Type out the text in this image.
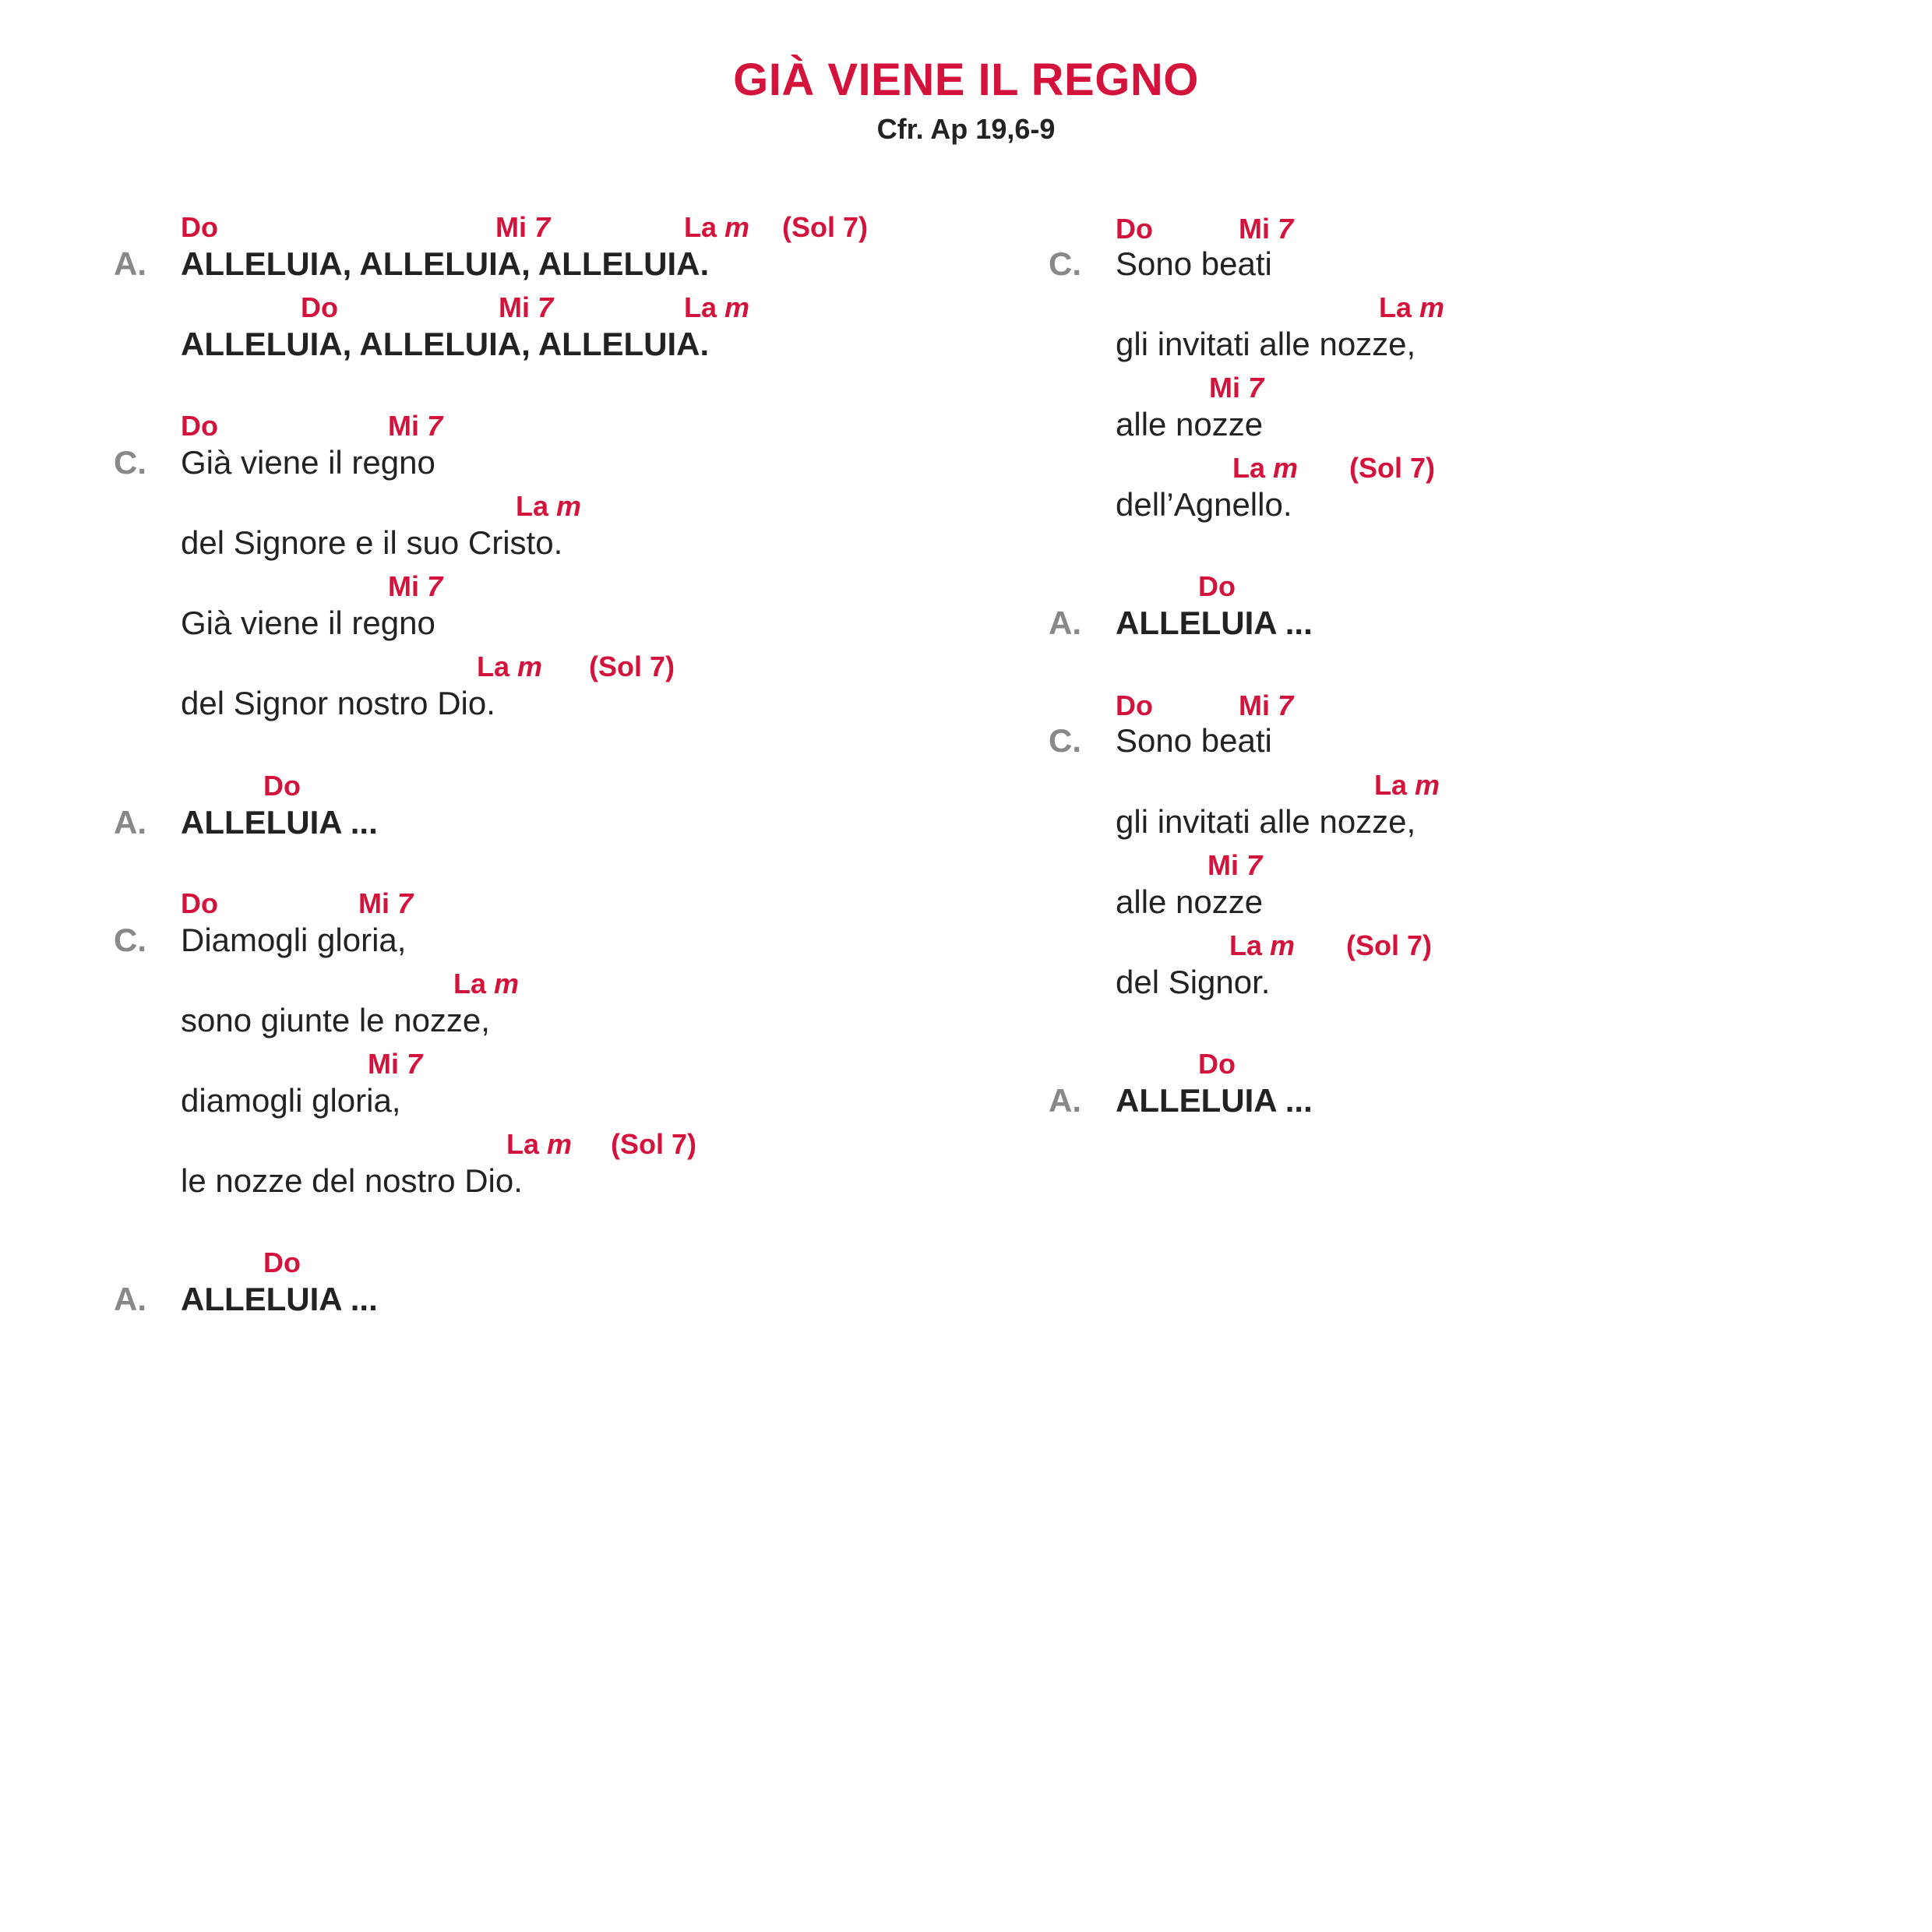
GIÀ VIENE IL REGNO
Cfr. Ap 19,6-9
Do	Mi 7	La m (Sol 7)
A. ALLELUIA, ALLELUIA, ALLELUIA.
Do	Mi 7	La m
ALLELUIA, ALLELUIA, ALLELUIA.
Do	Mi 7
C. Già viene il regno
La m
del Signore e il suo Cristo.
Mi 7
Già viene il regno
La m (Sol 7)
del Signor nostro Dio.
Do
A. ALLELUIA ...
Do	Mi 7
C. Diamogli gloria,
La m
sono giunte le nozze,
Mi 7
diamogli gloria,
La m (Sol 7)
le nozze del nostro Dio.
Do
A. ALLELUIA ...
Do	Mi 7
C. Sono beati
La m
gli invitati alle nozze,
Mi 7
alle nozze
La m (Sol 7)
dell’Agnello.
Do
A. ALLELUIA ...
Do	Mi 7
C. Sono beati
La m
gli invitati alle nozze,
Mi 7
alle nozze
La m (Sol 7)
del Signor.
Do
A. ALLELUIA ...
